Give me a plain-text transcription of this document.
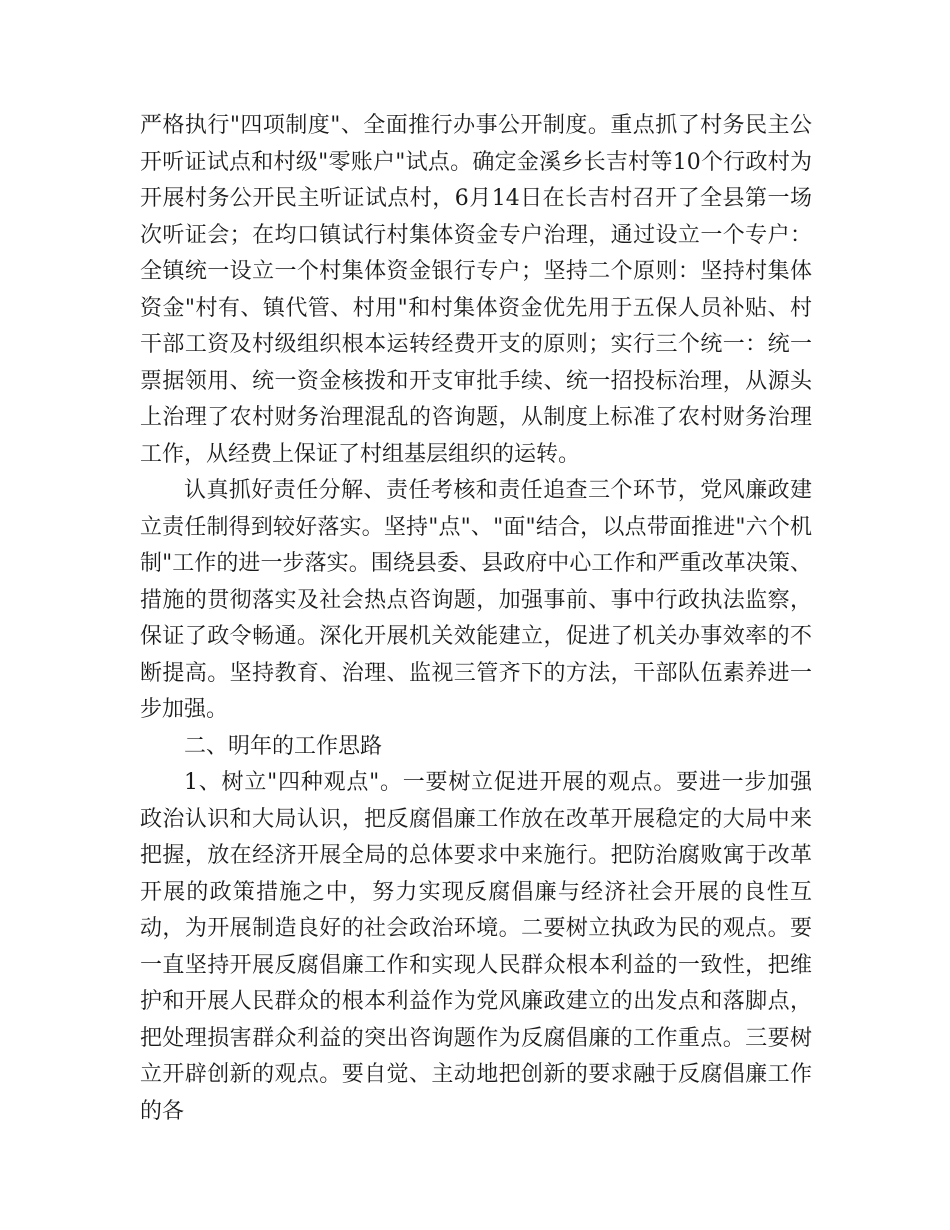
严格执行"四项制度"、全面推行办事公开制度。重点抓了村务民主公开听证试点和村级"零账户"试点。确定金溪乡长吉村等10个行政村为开展村务公开民主听证试点村，6月14日在长吉村召开了全县第一场次听证会；在均口镇试行村集体资金专户治理，通过设立一个专户：全镇统一设立一个村集体资金银行专户；坚持二个原则：坚持村集体资金"村有、镇代管、村用"和村集体资金优先用于五保人员补贴、村干部工资及村级组织根本运转经费开支的原则；实行三个统一：统一票据领用、统一资金核拨和开支审批手续、统一招投标治理，从源头上治理了农村财务治理混乱的咨询题，从制度上标准了农村财务治理工作，从经费上保证了村组基层组织的运转。

认真抓好责任分解、责任考核和责任追查三个环节，党风廉政建立责任制得到较好落实。坚持"点"、"面"结合，以点带面推进"六个机制"工作的进一步落实。围绕县委、县政府中心工作和严重改革决策、措施的贯彻落实及社会热点咨询题，加强事前、事中行政执法监察，保证了政令畅通。深化开展机关效能建立，促进了机关办事效率的不断提高。坚持教育、治理、监视三管齐下的方法，干部队伍素养进一步加强。

二、明年的工作思路

1、树立"四种观点"。一要树立促进开展的观点。要进一步加强政治认识和大局认识，把反腐倡廉工作放在改革开展稳定的大局中来把握，放在经济开展全局的总体要求中来施行。把防治腐败寓于改革开展的政策措施之中，努力实现反腐倡廉与经济社会开展的良性互动，为开展制造良好的社会政治环境。二要树立执政为民的观点。要一直坚持开展反腐倡廉工作和实现人民群众根本利益的一致性，把维护和开展人民群众的根本利益作为党风廉政建立的出发点和落脚点，把处理损害群众利益的突出咨询题作为反腐倡廉的工作重点。三要树立开辟创新的观点。要自觉、主动地把创新的要求融于反腐倡廉工作的各
